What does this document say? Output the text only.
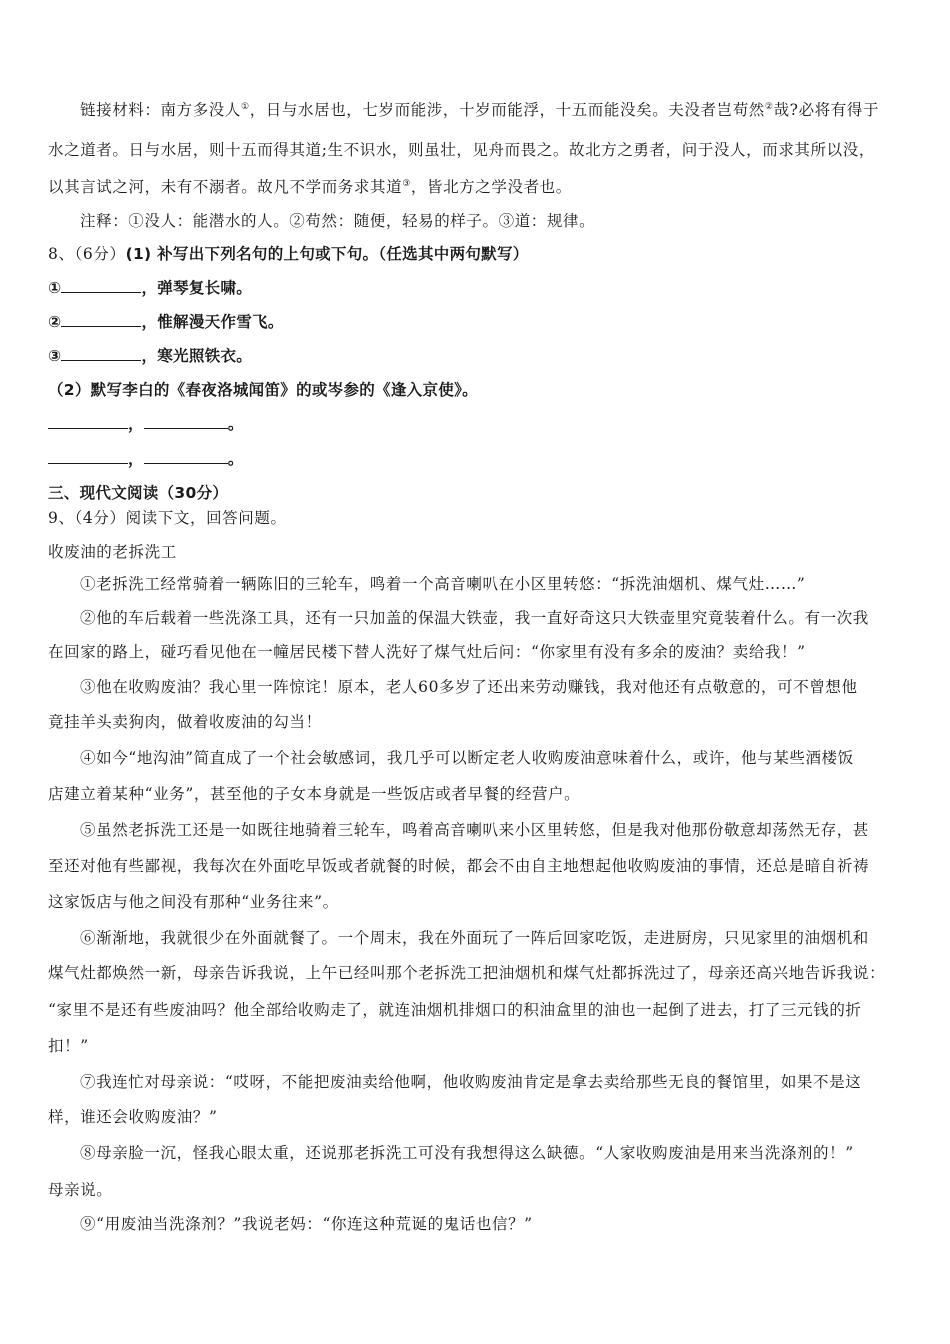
链接材料：南方多没人①，日与水居也，七岁而能涉，十岁而能浮，十五而能没矣。夫没者岂苟然②哉?必将有得于
水之道者。日与水居，则十五而得其道;生不识水，则虽壮，见舟而畏之。故北方之勇者，问于没人，而求其所以没，
以其言试之河，未有不溺者。故凡不学而务求其道③，皆北方之学没者也。
注释：①没人：能潜水的人。②苟然：随便，轻易的样子。③道：规律。
8、（6分）(1) 补写出下列名句的上句或下句。（任选其中两句默写）
①	，弹琴复长啸。
②	，惟解漫天作雪飞。
③	，寒光照铁衣。
（2）默写李白的《春夜洛城闻笛》的或岑参的《逢入京使》。
，	。
，	。
三、现代文阅读（30分）
9、（4分）阅读下文，回答问题。
收废油的老拆洗工
①老拆洗工经常骑着一辆陈旧的三轮车，鸣着一个高音喇叭在小区里转悠：“拆洗油烟机、煤气灶……”
②他的车后载着一些洗涤工具，还有一只加盖的保温大铁壶，我一直好奇这只大铁壶里究竟装着什么。有一次我
在回家的路上，碰巧看见他在一幢居民楼下替人洗好了煤气灶后问：“你家里有没有多余的废油？卖给我！”
③他在收购废油？我心里一阵惊诧！原本，老人60多岁了还出来劳动赚钱，我对他还有点敬意的，可不曾想他
竟挂羊头卖狗肉，做着收废油的勾当！
④如今“地沟油”简直成了一个社会敏感词，我几乎可以断定老人收购废油意味着什么，或许，他与某些酒楼饭
店建立着某种“业务”，甚至他的子女本身就是一些饭店或者早餐的经营户。
⑤虽然老拆洗工还是一如既往地骑着三轮车，鸣着高音喇叭来小区里转悠，但是我对他那份敬意却荡然无存，甚
至还对他有些鄙视，我每次在外面吃早饭或者就餐的时候，都会不由自主地想起他收购废油的事情，还总是暗自祈祷
这家饭店与他之间没有那种“业务往来”。
⑥渐渐地，我就很少在外面就餐了。一个周末，我在外面玩了一阵后回家吃饭，走进厨房，只见家里的油烟机和
煤气灶都焕然一新，母亲告诉我说，上午已经叫那个老拆洗工把油烟机和煤气灶都拆洗过了，母亲还高兴地告诉我说：
“家里不是还有些废油吗？他全部给收购走了，就连油烟机排烟口的积油盒里的油也一起倒了进去，打了三元钱的折
扣！”
⑦我连忙对母亲说：“哎呀，不能把废油卖给他啊，他收购废油肯定是拿去卖给那些无良的餐馆里，如果不是这
样，谁还会收购废油？”
⑧母亲脸一沉，怪我心眼太重，还说那老拆洗工可没有我想得这么缺德。“人家收购废油是用来当洗涤剂的！”
母亲说。
⑨“用废油当洗涤剂？”我说老妈：“你连这种荒诞的鬼话也信？”
